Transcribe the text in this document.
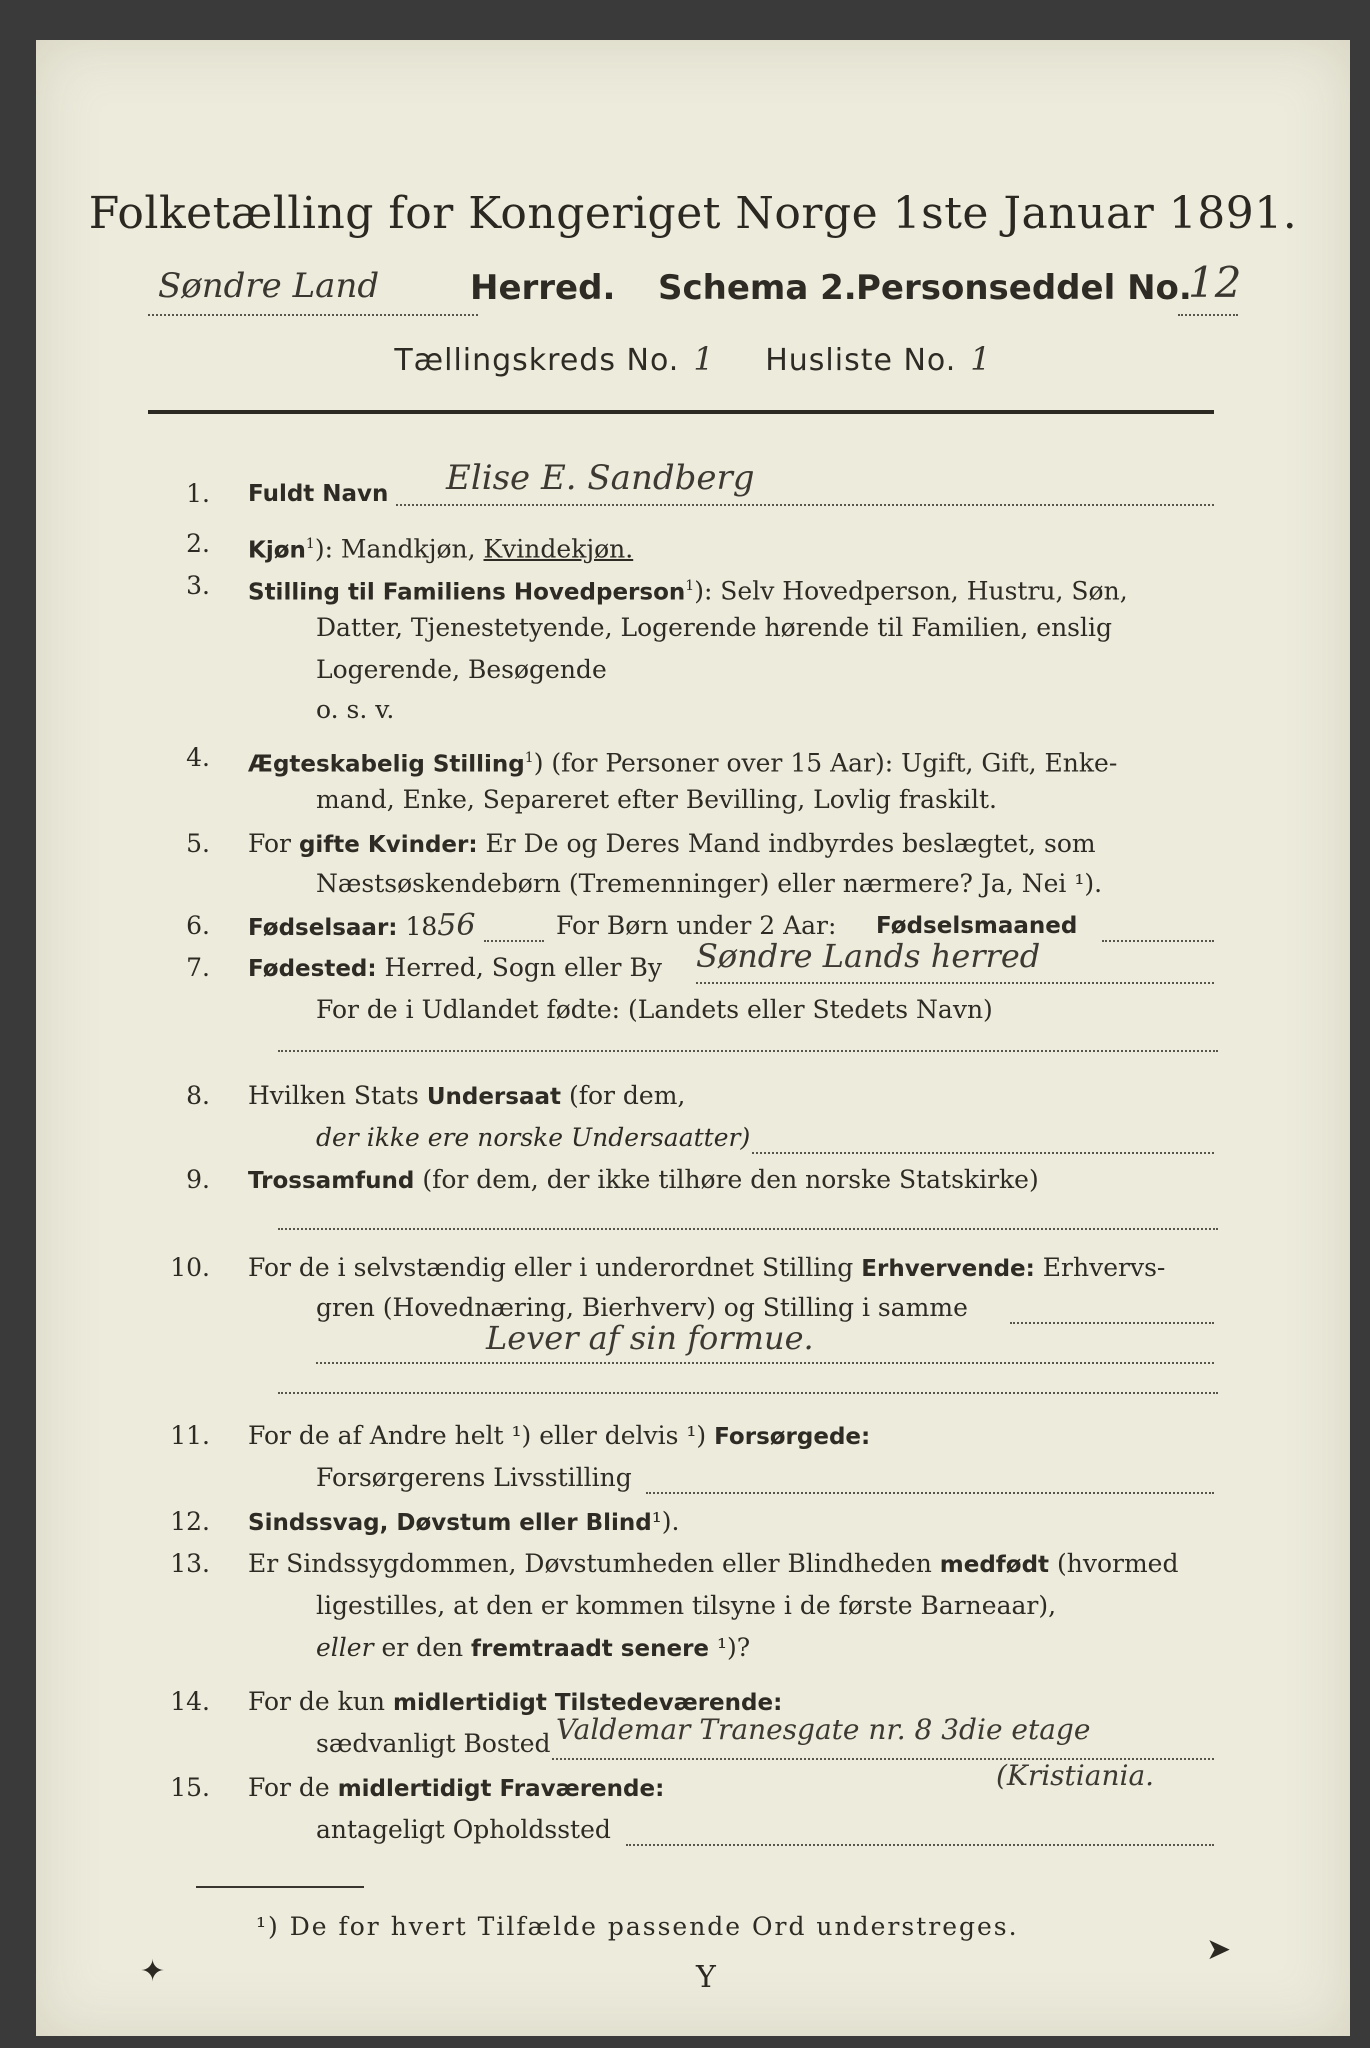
Folketælling for Kongeriget Norge 1ste Januar 1891.
Søndre Land	Herred. Schema 2. Personseddel No.
12
Tællingskreds No. 1 Husliste No. 1
1. Fuldt Navn Elise E. Sandberg
2. Kjøn$^1$): Mandkjøn, Kvindekjøn.
3. Stilling til Familiens Hovedperson$^1$): Selv Hovedperson, Hustru, Søn,
Datter, Tjenestetyende, Logerende hørende til Familien, enslig
Logerende, Besøgende
o. s. v.
4. Ægteskabelig Stilling$^1$) (for Personer over 15 Aar): Ugift, Gift, Enke-
mand, Enke, Separeret efter Bevilling, Lovlig fraskilt.
5. For gifte Kvinder: Er De og Deres Mand indbyrdes beslægtet, som
Næstsøskendebørn (Tremenninger) eller nærmere? Ja, Nei ¹).
6. Fødselsaar: 1856	For Børn under 2 Aar: Fødselsmaaned
7. Fødested: Herred, Sogn eller By Søndre Lands herred
For de i Udlandet fødte: (Landets eller Stedets Navn)
8. Hvilken Stats Undersaat (for dem,
der ikke ere norske Undersaatter)
9. Trossamfund (for dem, der ikke tilhøre den norske Statskirke)
10. For de i selvstændig eller i underordnet Stilling Erhvervende: Erhvervs-
gren (Hovednæring, Bierhverv) og Stilling i samme
Lever af sin formue.
11. For de af Andre helt ¹) eller delvis ¹) Forsørgede:
Forsørgerens Livsstilling
12. Sindssvag, Døvstum eller Blind¹).
13. Er Sindssygdommen, Døvstumheden eller Blindheden medfødt (hvormed
ligestilles, at den er kommen tilsyne i de første Barneaar),
eller er den fremtraadt senere ¹)?
14. For de kun midlertidigt Tilstedeværende:
sædvanligt Bosted Valdemar Tranesgate nr. 8 3die etage
15. For de midlertidigt Fraværende:	(Kristiania.
antageligt Opholdssted
¹) De for hvert Tilfælde passende Ord understreges.
✦	Y
➤
